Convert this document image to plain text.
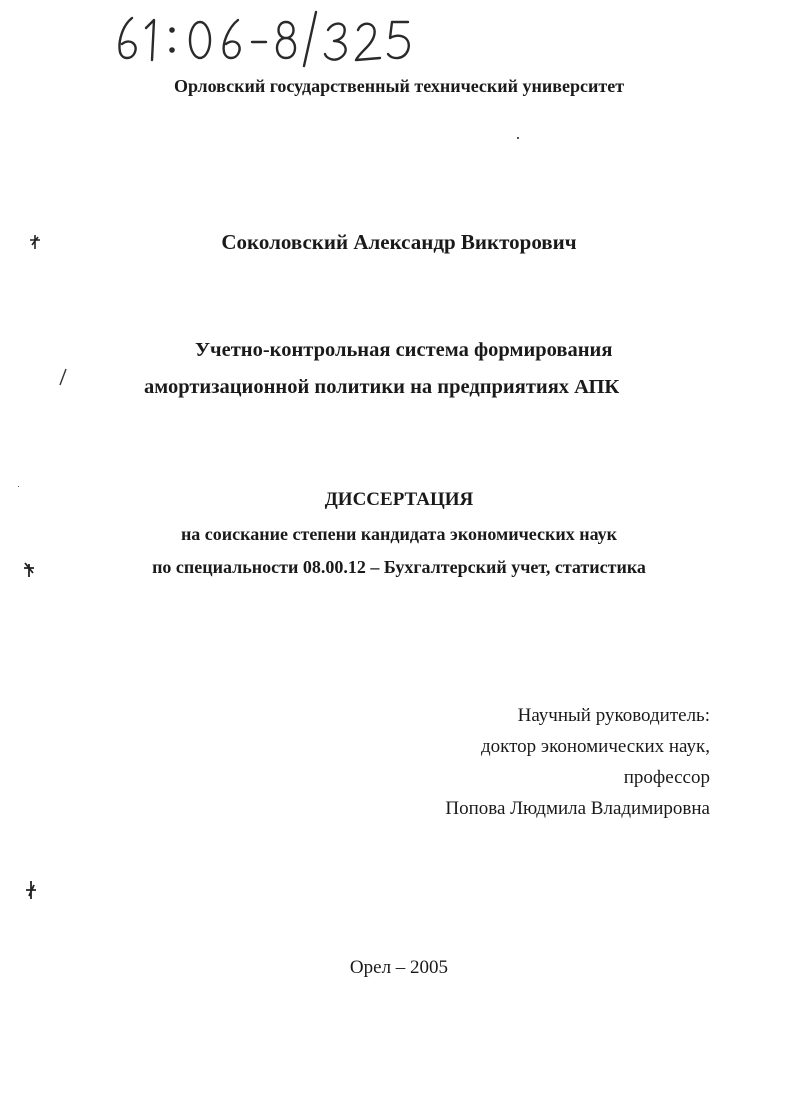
Орловский государственный технический университет
Соколовский Александр Викторович
Учетно-контрольная система формирования
амортизационной политики на предприятиях АПК
ДИССЕРТАЦИЯ
на соискание степени кандидата экономических наук
по специальности 08.00.12 – Бухгалтерский учет, статистика
Научный руководитель:
доктор экономических наук,
профессор
Попова Людмила Владимировна
Орел – 2005
